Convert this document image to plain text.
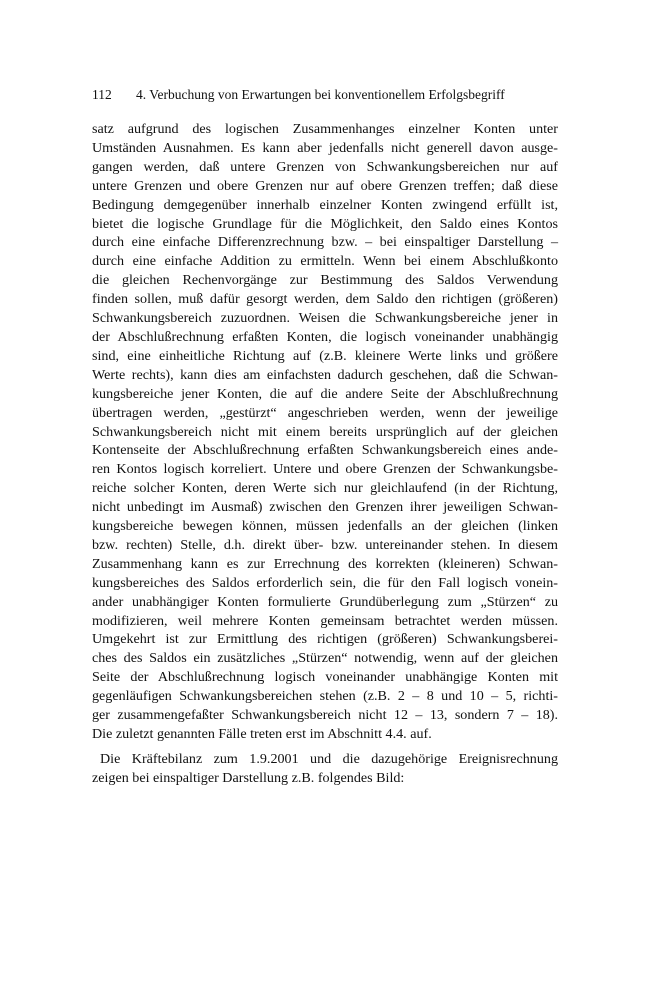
112 4. Verbuchung von Erwartungen bei konventionellem Erfolgsbegriff

satz aufgrund des logischen Zusammenhanges einzelner Konten unter
Umständen Ausnahmen. Es kann aber jedenfalls nicht generell davon ausge-
gangen werden, daß untere Grenzen von Schwankungsbereichen nur auf
untere Grenzen und obere Grenzen nur auf obere Grenzen treffen; daß diese
Bedingung demgegenüber innerhalb einzelner Konten zwingend erfüllt ist,
bietet die logische Grundlage für die Möglichkeit, den Saldo eines Kontos
durch eine einfache Differenzrechnung bzw. – bei einspaltiger Darstellung –
durch eine einfache Addition zu ermitteln. Wenn bei einem Abschlußkonto
die gleichen Rechenvorgänge zur Bestimmung des Saldos Verwendung
finden sollen, muß dafür gesorgt werden, dem Saldo den richtigen (größeren)
Schwankungsbereich zuzuordnen. Weisen die Schwankungsbereiche jener in
der Abschlußrechnung erfaßten Konten, die logisch voneinander unabhängig
sind, eine einheitliche Richtung auf (z.B. kleinere Werte links und größere
Werte rechts), kann dies am einfachsten dadurch geschehen, daß die Schwan-
kungsbereiche jener Konten, die auf die andere Seite der Abschlußrechnung
übertragen werden, „gestürzt“ angeschrieben werden, wenn der jeweilige
Schwankungsbereich nicht mit einem bereits ursprünglich auf der gleichen
Kontenseite der Abschlußrechnung erfaßten Schwankungsbereich eines ande-
ren Kontos logisch korreliert. Untere und obere Grenzen der Schwankungsbe-
reiche solcher Konten, deren Werte sich nur gleichlaufend (in der Richtung,
nicht unbedingt im Ausmaß) zwischen den Grenzen ihrer jeweiligen Schwan-
kungsbereiche bewegen können, müssen jedenfalls an der gleichen (linken
bzw. rechten) Stelle, d.h. direkt über- bzw. untereinander stehen. In diesem
Zusammenhang kann es zur Errechnung des korrekten (kleineren) Schwan-
kungsbereiches des Saldos erforderlich sein, die für den Fall logisch vonein-
ander unabhängiger Konten formulierte Grundüberlegung zum „Stürzen“ zu
modifizieren, weil mehrere Konten gemeinsam betrachtet werden müssen.
Umgekehrt ist zur Ermittlung des richtigen (größeren) Schwankungsberei-
ches des Saldos ein zusätzliches „Stürzen“ notwendig, wenn auf der gleichen
Seite der Abschlußrechnung logisch voneinander unabhängige Konten mit
gegenläufigen Schwankungsbereichen stehen (z.B. 2 – 8 und 10 – 5, richti-
ger zusammengefaßter Schwankungsbereich nicht 12 – 13, sondern 7 – 18).
Die zuletzt genannten Fälle treten erst im Abschnitt 4.4. auf.

Die Kräftebilanz zum 1.9.2001 und die dazugehörige Ereignisrechnung
zeigen bei einspaltiger Darstellung z.B. folgendes Bild:
